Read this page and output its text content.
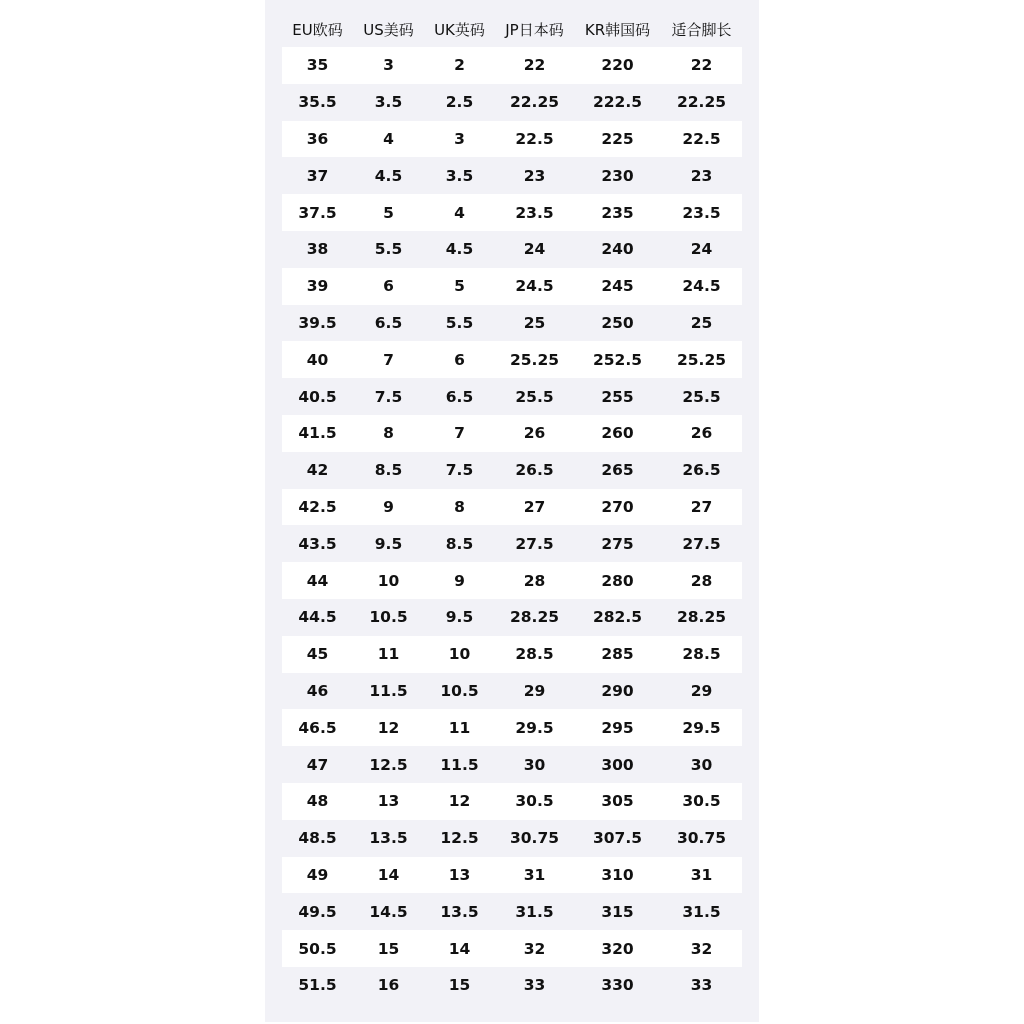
EU欧码	US美码	UK英码	JP日本码	KR韩国码	适合脚长
35	3	2	22	220	22
35.5	3.5	2.5	22.25	222.5	22.25
36	4	3	22.5	225	22.5
37	4.5	3.5	23	230	23
37.5	5	4	23.5	235	23.5
38	5.5	4.5	24	240	24
39	6	5	24.5	245	24.5
39.5	6.5	5.5	25	250	25
40	7	6	25.25	252.5	25.25
40.5	7.5	6.5	25.5	255	25.5
41.5	8	7	26	260	26
42	8.5	7.5	26.5	265	26.5
42.5	9	8	27	270	27
43.5	9.5	8.5	27.5	275	27.5
44	10	9	28	280	28
44.5	10.5	9.5	28.25	282.5	28.25
45	11	10	28.5	285	28.5
46	11.5	10.5	29	290	29
46.5	12	11	29.5	295	29.5
47	12.5	11.5	30	300	30
48	13	12	30.5	305	30.5
48.5	13.5	12.5	30.75	307.5	30.75
49	14	13	31	310	31
49.5	14.5	13.5	31.5	315	31.5
50.5	15	14	32	320	32
51.5	16	15	33	330	33
